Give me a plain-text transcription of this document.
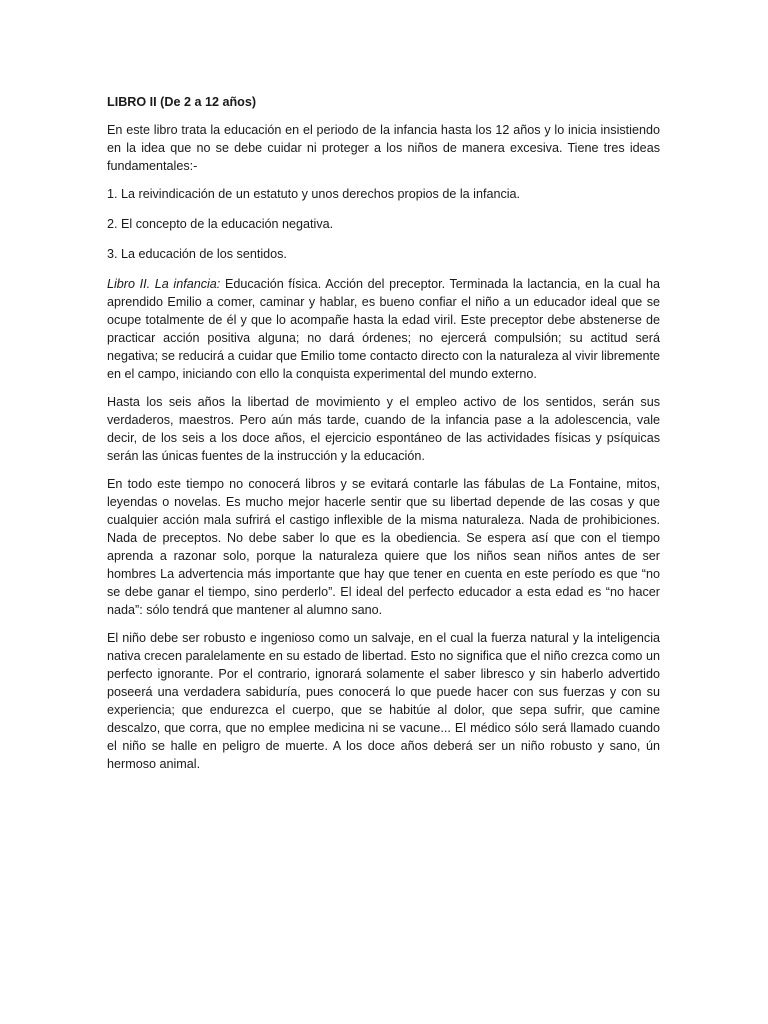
LIBRO II (De 2 a 12 años)

En este libro trata la educación en el periodo de la infancia hasta los 12 años y lo inicia insistiendo en la idea que no se debe cuidar ni proteger a los niños de manera excesiva. Tiene tres ideas fundamentales:-

1. La reivindicación de un estatuto y unos derechos propios de la infancia.

2. El concepto de la educación negativa.

3. La educación de los sentidos.

Libro II. La infancia: Educación física. Acción del preceptor. Terminada la lactancia, en la cual ha aprendido Emilio a comer, caminar y hablar, es bueno confiar el niño a un educador ideal que se ocupe totalmente de él y que lo acompañe hasta la edad viril. Este preceptor debe abstenerse de practicar acción positiva alguna; no dará órdenes; no ejercerá compulsión; su actitud será negativa; se reducirá a cuidar que Emilio tome contacto directo con la naturaleza al vivir libremente en el campo, iniciando con ello la conquista experimental del mundo externo.

Hasta los seis años la libertad de movimiento y el empleo activo de los sentidos, serán sus verdaderos, maestros. Pero aún más tarde, cuando de la infancia pase a la adolescencia, vale decir, de los seis a los doce años, el ejercicio espontáneo de las actividades físicas y psíquicas serán las únicas fuentes de la instrucción y la educación.

En todo este tiempo no conocerá libros y se evitará contarle las fábulas de La Fontaine, mitos, leyendas o novelas. Es mucho mejor hacerle sentir que su libertad depende de las cosas y que cualquier acción mala sufrirá el castigo inflexible de la misma naturaleza. Nada de prohibiciones. Nada de preceptos. No debe saber lo que es la obediencia. Se espera así que con el tiempo aprenda a razonar solo, porque la naturaleza quiere que los niños sean niños antes de ser hombres La advertencia más importante que hay que tener en cuenta en este período es que “no se debe ganar el tiempo, sino perderlo”. El ideal del perfecto educador a esta edad es “no hacer nada”: sólo tendrá que mantener al alumno sano.

El niño debe ser robusto e ingenioso como un salvaje, en el cual la fuerza natural y la inteligencia nativa crecen paralelamente en su estado de libertad. Esto no significa que el niño crezca como un perfecto ignorante. Por el contrario, ignorará solamente el saber libresco y sin haberlo advertido poseerá una verdadera sabiduría, pues conocerá lo que puede hacer con sus fuerzas y con su experiencia; que endurezca el cuerpo, que se habitúe al dolor, que sepa sufrir, que camine descalzo, que corra, que no emplee medicina ni se vacune... El médico sólo será llamado cuando el niño se halle en peligro de muerte. A los doce años deberá ser un niño robusto y sano, ún hermoso animal.
